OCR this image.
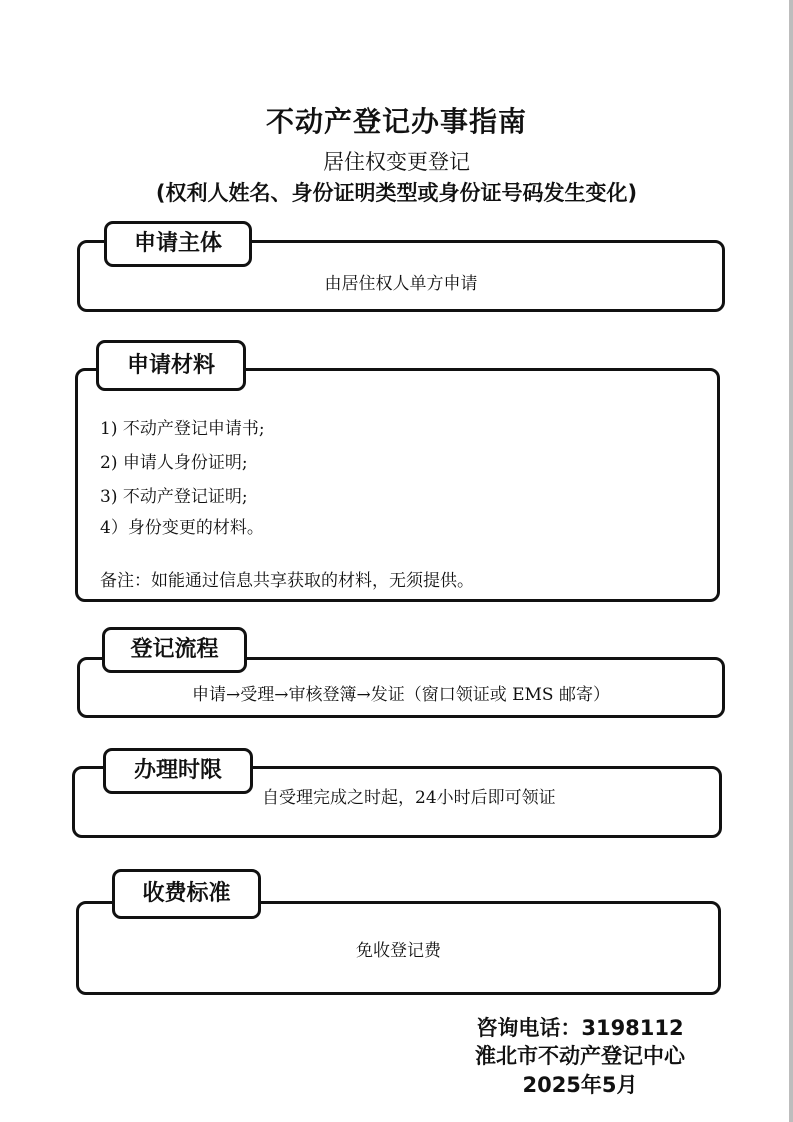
不动产登记办事指南
居住权变更登记
(权利人姓名、身份证明类型或身份证号码发生变化)
申请主体
由居住权人单方申请
申请材料
1) 不动产登记申请书;
2) 申请人身份证明;
3) 不动产登记证明;
4）身份变更的材料。
备注：如能通过信息共享获取的材料，无须提供。
登记流程
申请→受理→审核登簿→发证（窗口领证或 EMS 邮寄）
办理时限
自受理完成之时起，24小时后即可领证
收费标准
免收登记费
咨询电话：3198112
淮北市不动产登记中心
2025年5月
